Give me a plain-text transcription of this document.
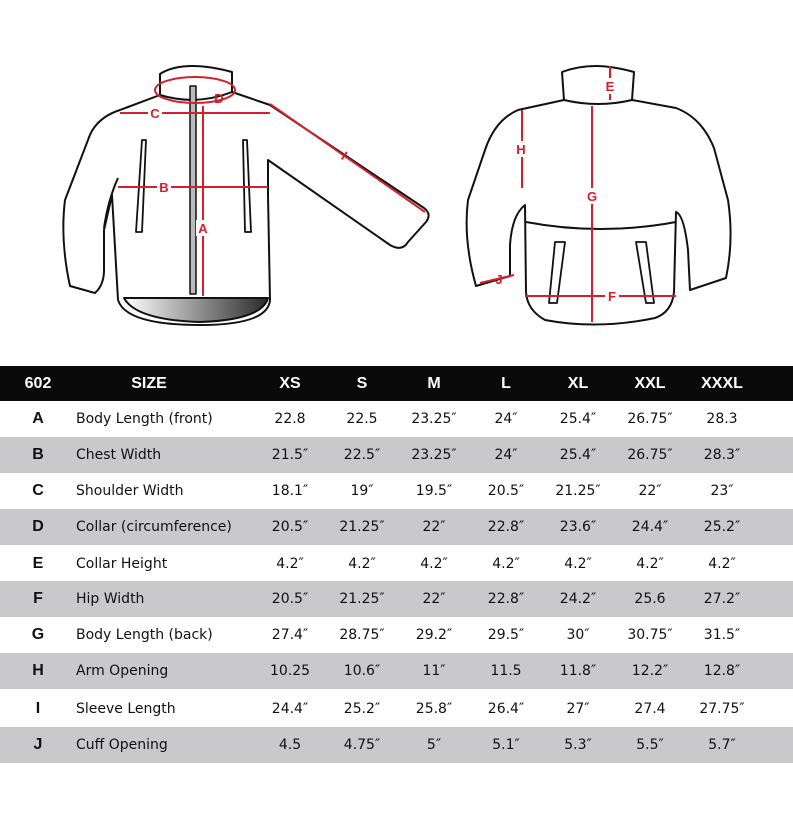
A
B
C
D
I
E
G
H
F
J
602	SIZE	XS	S	M	L	XL	XXL	XXXL
A	Body Length (front)	22.8	22.5	23.25″	24″	25.4″	26.75″	28.3
B	Chest Width	21.5″	22.5″	23.25″	24″	25.4″	26.75″	28.3″
C	Shoulder Width	18.1″	19″	19.5″	20.5″	21.25″	22″	23″
D	Collar (circumference)	20.5″	21.25″	22″	22.8″	23.6″	24.4″	25.2″
E	Collar Height	4.2″	4.2″	4.2″	4.2″	4.2″	4.2″	4.2″
F	Hip Width	20.5″	21.25″	22″	22.8″	24.2″	25.6	27.2″
G	Body Length (back)	27.4″	28.75″	29.2″	29.5″	30″	30.75″	31.5″
H	Arm Opening	10.25	10.6″	11″	11.5	11.8″	12.2″	12.8″
I	Sleeve Length	24.4″	25.2″	25.8″	26.4″	27″	27.4	27.75″
J	Cuff Opening	4.5	4.75″	5″	5.1″	5.3″	5.5″	5.7″
